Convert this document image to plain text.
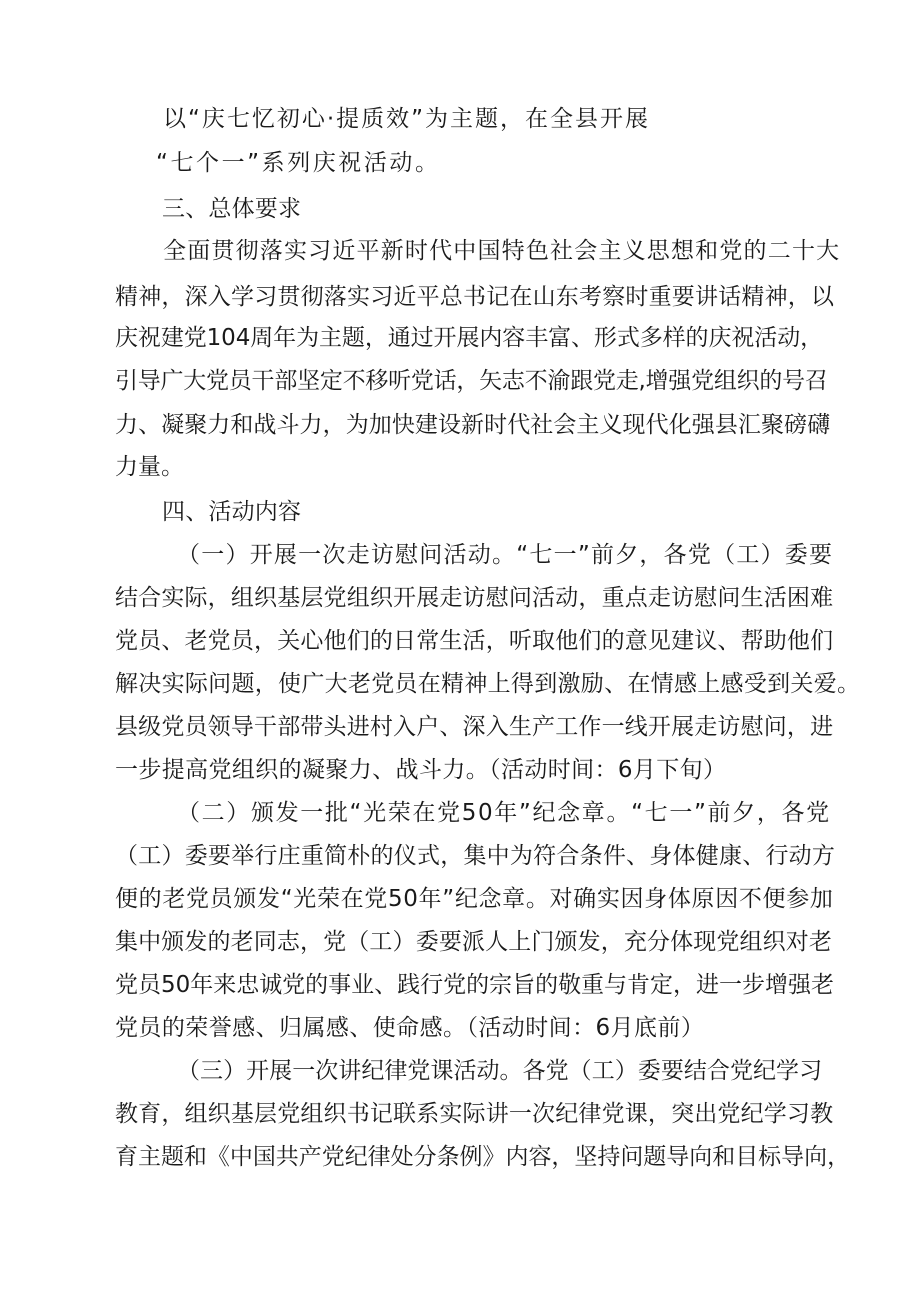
以“庆七忆初心·提质效”为主题，在全县开展

“七个一”系列庆祝活动。

三、总体要求

全面贯彻落实习近平新时代中国特色社会主义思想和党的二十大

精神，深入学习贯彻落实习近平总书记在山东考察时重要讲话精神，以

庆祝建党104周年为主题，通过开展内容丰富、形式多样的庆祝活动，

引导广大党员干部坚定不移听党话，矢志不渝跟党走,增强党组织的号召

力、凝聚力和战斗力，为加快建设新时代社会主义现代化强县汇聚磅礴

力量。

四、活动内容

（一）开展一次走访慰问活动。“七一”前夕，各党（工）委要

结合实际，组织基层党组织开展走访慰问活动，重点走访慰问生活困难

党员、老党员，关心他们的日常生活，听取他们的意见建议、帮助他们

解决实际问题，使广大老党员在精神上得到激励、在情感上感受到关爱。

县级党员领导干部带头进村入户、深入生产工作一线开展走访慰问，进

一步提高党组织的凝聚力、战斗力。（活动时间：6月下旬）

（二）颁发一批“光荣在党50年”纪念章。“七一”前夕，各党

（工）委要举行庄重简朴的仪式，集中为符合条件、身体健康、行动方

便的老党员颁发“光荣在党50年”纪念章。对确实因身体原因不便参加

集中颁发的老同志，党（工）委要派人上门颁发，充分体现党组织对老

党员50年来忠诚党的事业、践行党的宗旨的敬重与肯定，进一步增强老

党员的荣誉感、归属感、使命感。（活动时间：6月底前）

（三）开展一次讲纪律党课活动。各党（工）委要结合党纪学习

教育，组织基层党组织书记联系实际讲一次纪律党课，突出党纪学习教

育主题和《中国共产党纪律处分条例》内容，坚持问题导向和目标导向，
